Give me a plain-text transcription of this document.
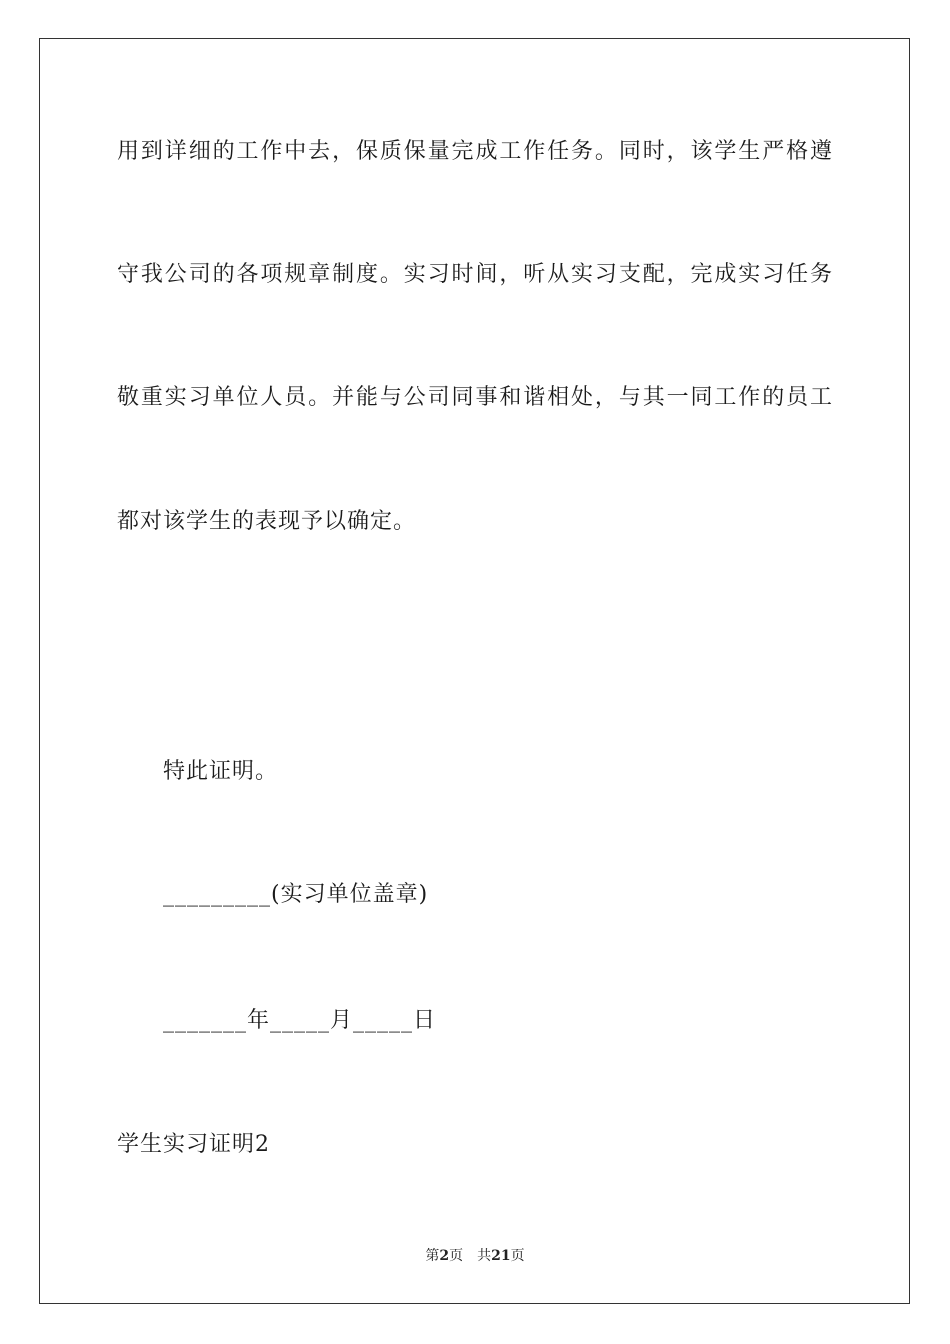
用到详细的工作中去，保质保量完成工作任务。同时，该学生严格遵
守我公司的各项规章制度。实习时间，听从实习支配，完成实习任务
敬重实习单位人员。并能与公司同事和谐相处，与其一同工作的员工
都对该学生的表现予以确定。
特此证明。
_________(实习单位盖章)
_______年_____月_____日
学生实习证明2
第2页 共21页
